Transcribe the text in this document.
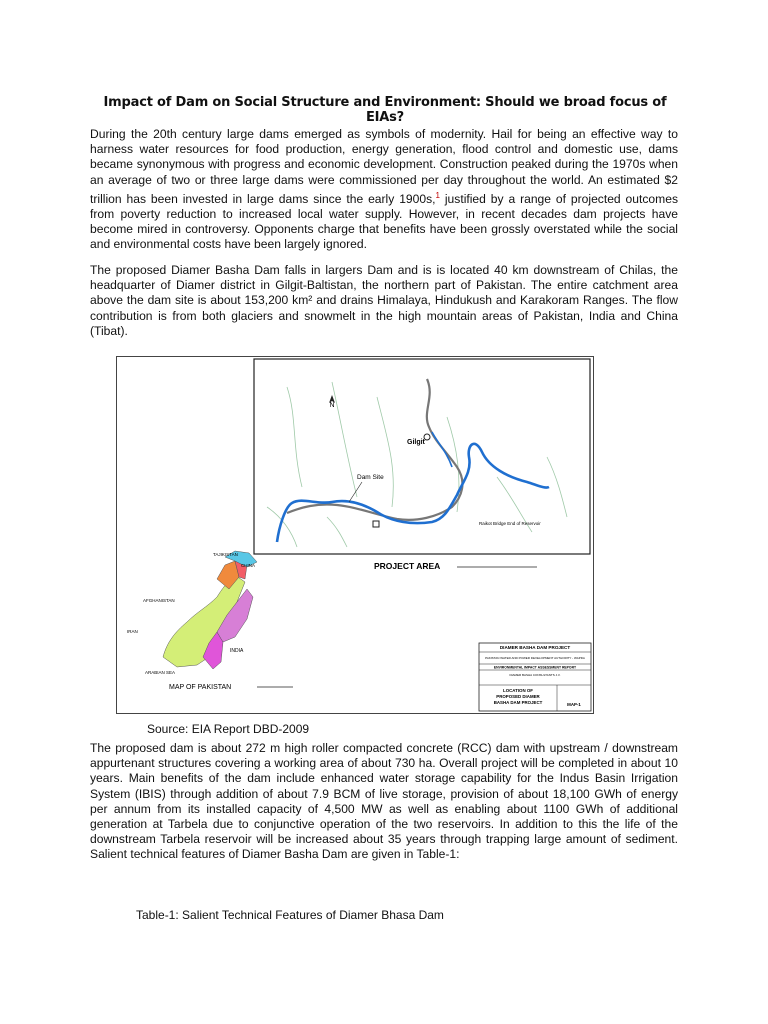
Impact of Dam on Social Structure and Environment: Should we broad focus of EIAs?
During the 20th century large dams emerged as symbols of modernity. Hail for being an effective way to harness water resources for food production, energy generation, flood control and domestic use, dams became synonymous with progress and economic development. Construction peaked during the 1970s when an average of two or three large dams were commissioned per day throughout the world. An estimated $2 trillion has been invested in large dams since the early 1900s,$^1$ justified by a range of projected outcomes from poverty reduction to increased local water supply. However, in recent decades dam projects have become mired in controversy. Opponents charge that benefits have been grossly overstated while the social and environmental costs have been largely ignored.
The proposed Diamer Basha Dam falls in largers Dam and is is located 40 km downstream of Chilas, the headquarter of Diamer district in Gilgit-Baltistan, the northern part of Pakistan. The entire catchment area above the dam site is about 153,200 km² and drains Himalaya, Hindukush and Karakoram Ranges. The flow contribution is from both glaciers and snowmelt in the high mountain areas of Pakistan, India and China (Tibat).
N
Gilgit
Dam Site
Raikot Bridge End of Reservoir
PROJECT AREA
TAJIKISTAN
CHINA
AFGHANISTAN
IRAN
INDIA
ARABIAN SEA
MAP OF PAKISTAN
DIAMER BASHA DAM PROJECT
PAKISTAN WATER AND POWER DEVELOPMENT AUTHORITY - WAPDA
ENVIRONMENTAL IMPACT ASSESSMENT REPORT
DIAMER BASHA CONSULTANTS J.V.
LOCATION OF
PROPOSED DIAMER
BASHA DAM PROJECT	MAP-1
Source: EIA Report DBD-2009
The proposed dam is about 272 m high roller compacted concrete (RCC) dam with upstream / downstream appurtenant structures covering a working area of about 730 ha. Overall project will be completed in about 10 years. Main benefits of the dam include enhanced water storage capability for the Indus Basin Irrigation System (IBIS) through addition of about 7.9 BCM of live storage, provision of about 18,100 GWh of energy per annum from its installed capacity of 4,500 MW as well as enabling about 1100 GWh of additional generation at Tarbela due to conjunctive operation of the two reservoirs. In addition to this the life of the downstream Tarbela reservoir will be increased about 35 years through trapping large amount of sediment. Salient technical features of Diamer Basha Dam are given in Table-1:
Table-1: Salient Technical Features of Diamer Bhasa Dam
